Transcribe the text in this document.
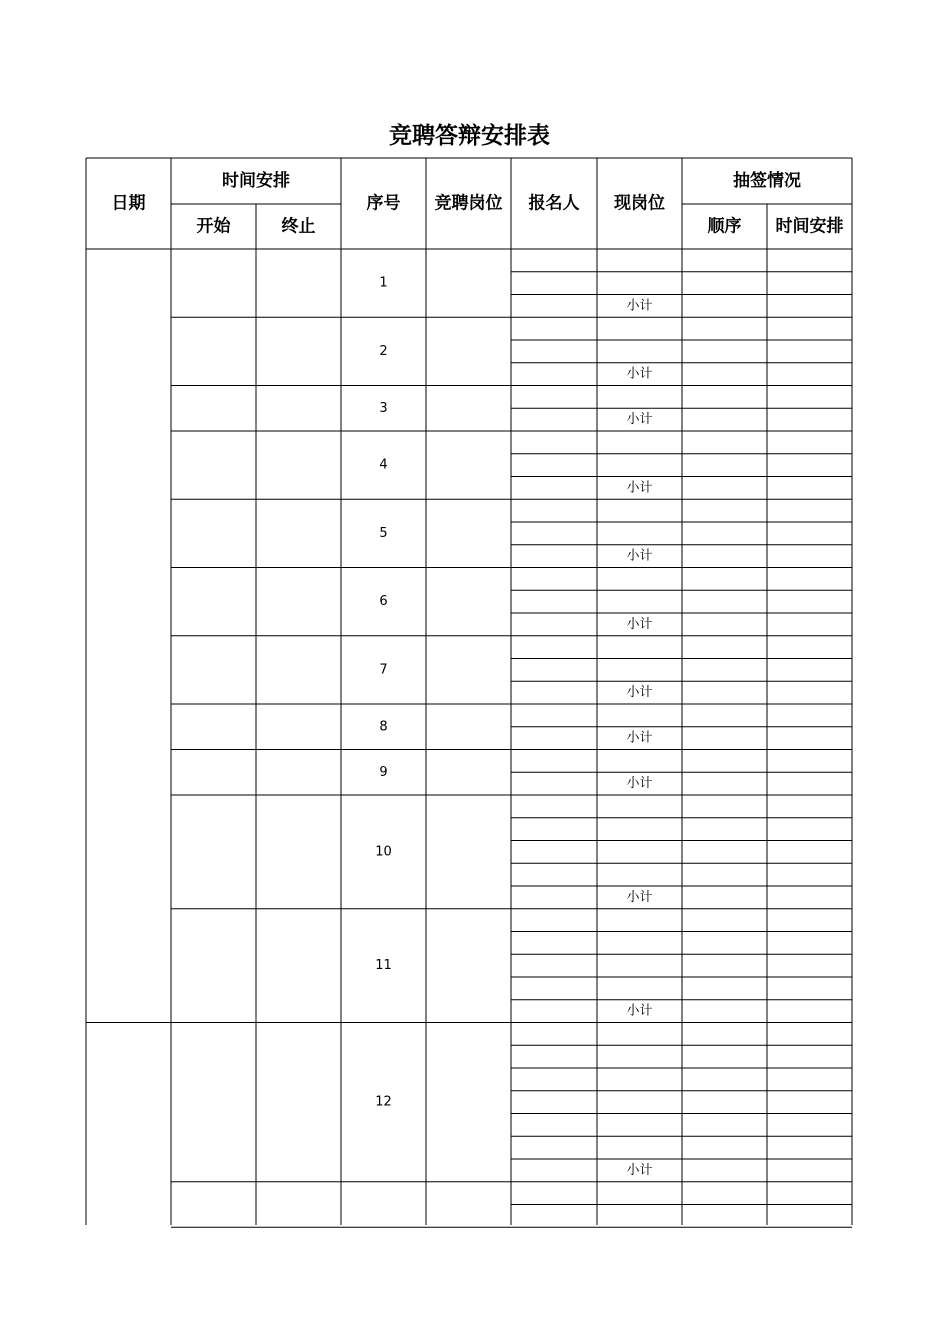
竞聘答辩安排表
日期
时间安排
开始	终止
序号 竞聘岗位 报名人 现岗位
抽签情况
顺序 时间安排
1
小计
2
小计
3
小计
4
小计
5
小计
6
小计
7
小计
8
小计
9
小计
10
小计
11
小计
12
小计
